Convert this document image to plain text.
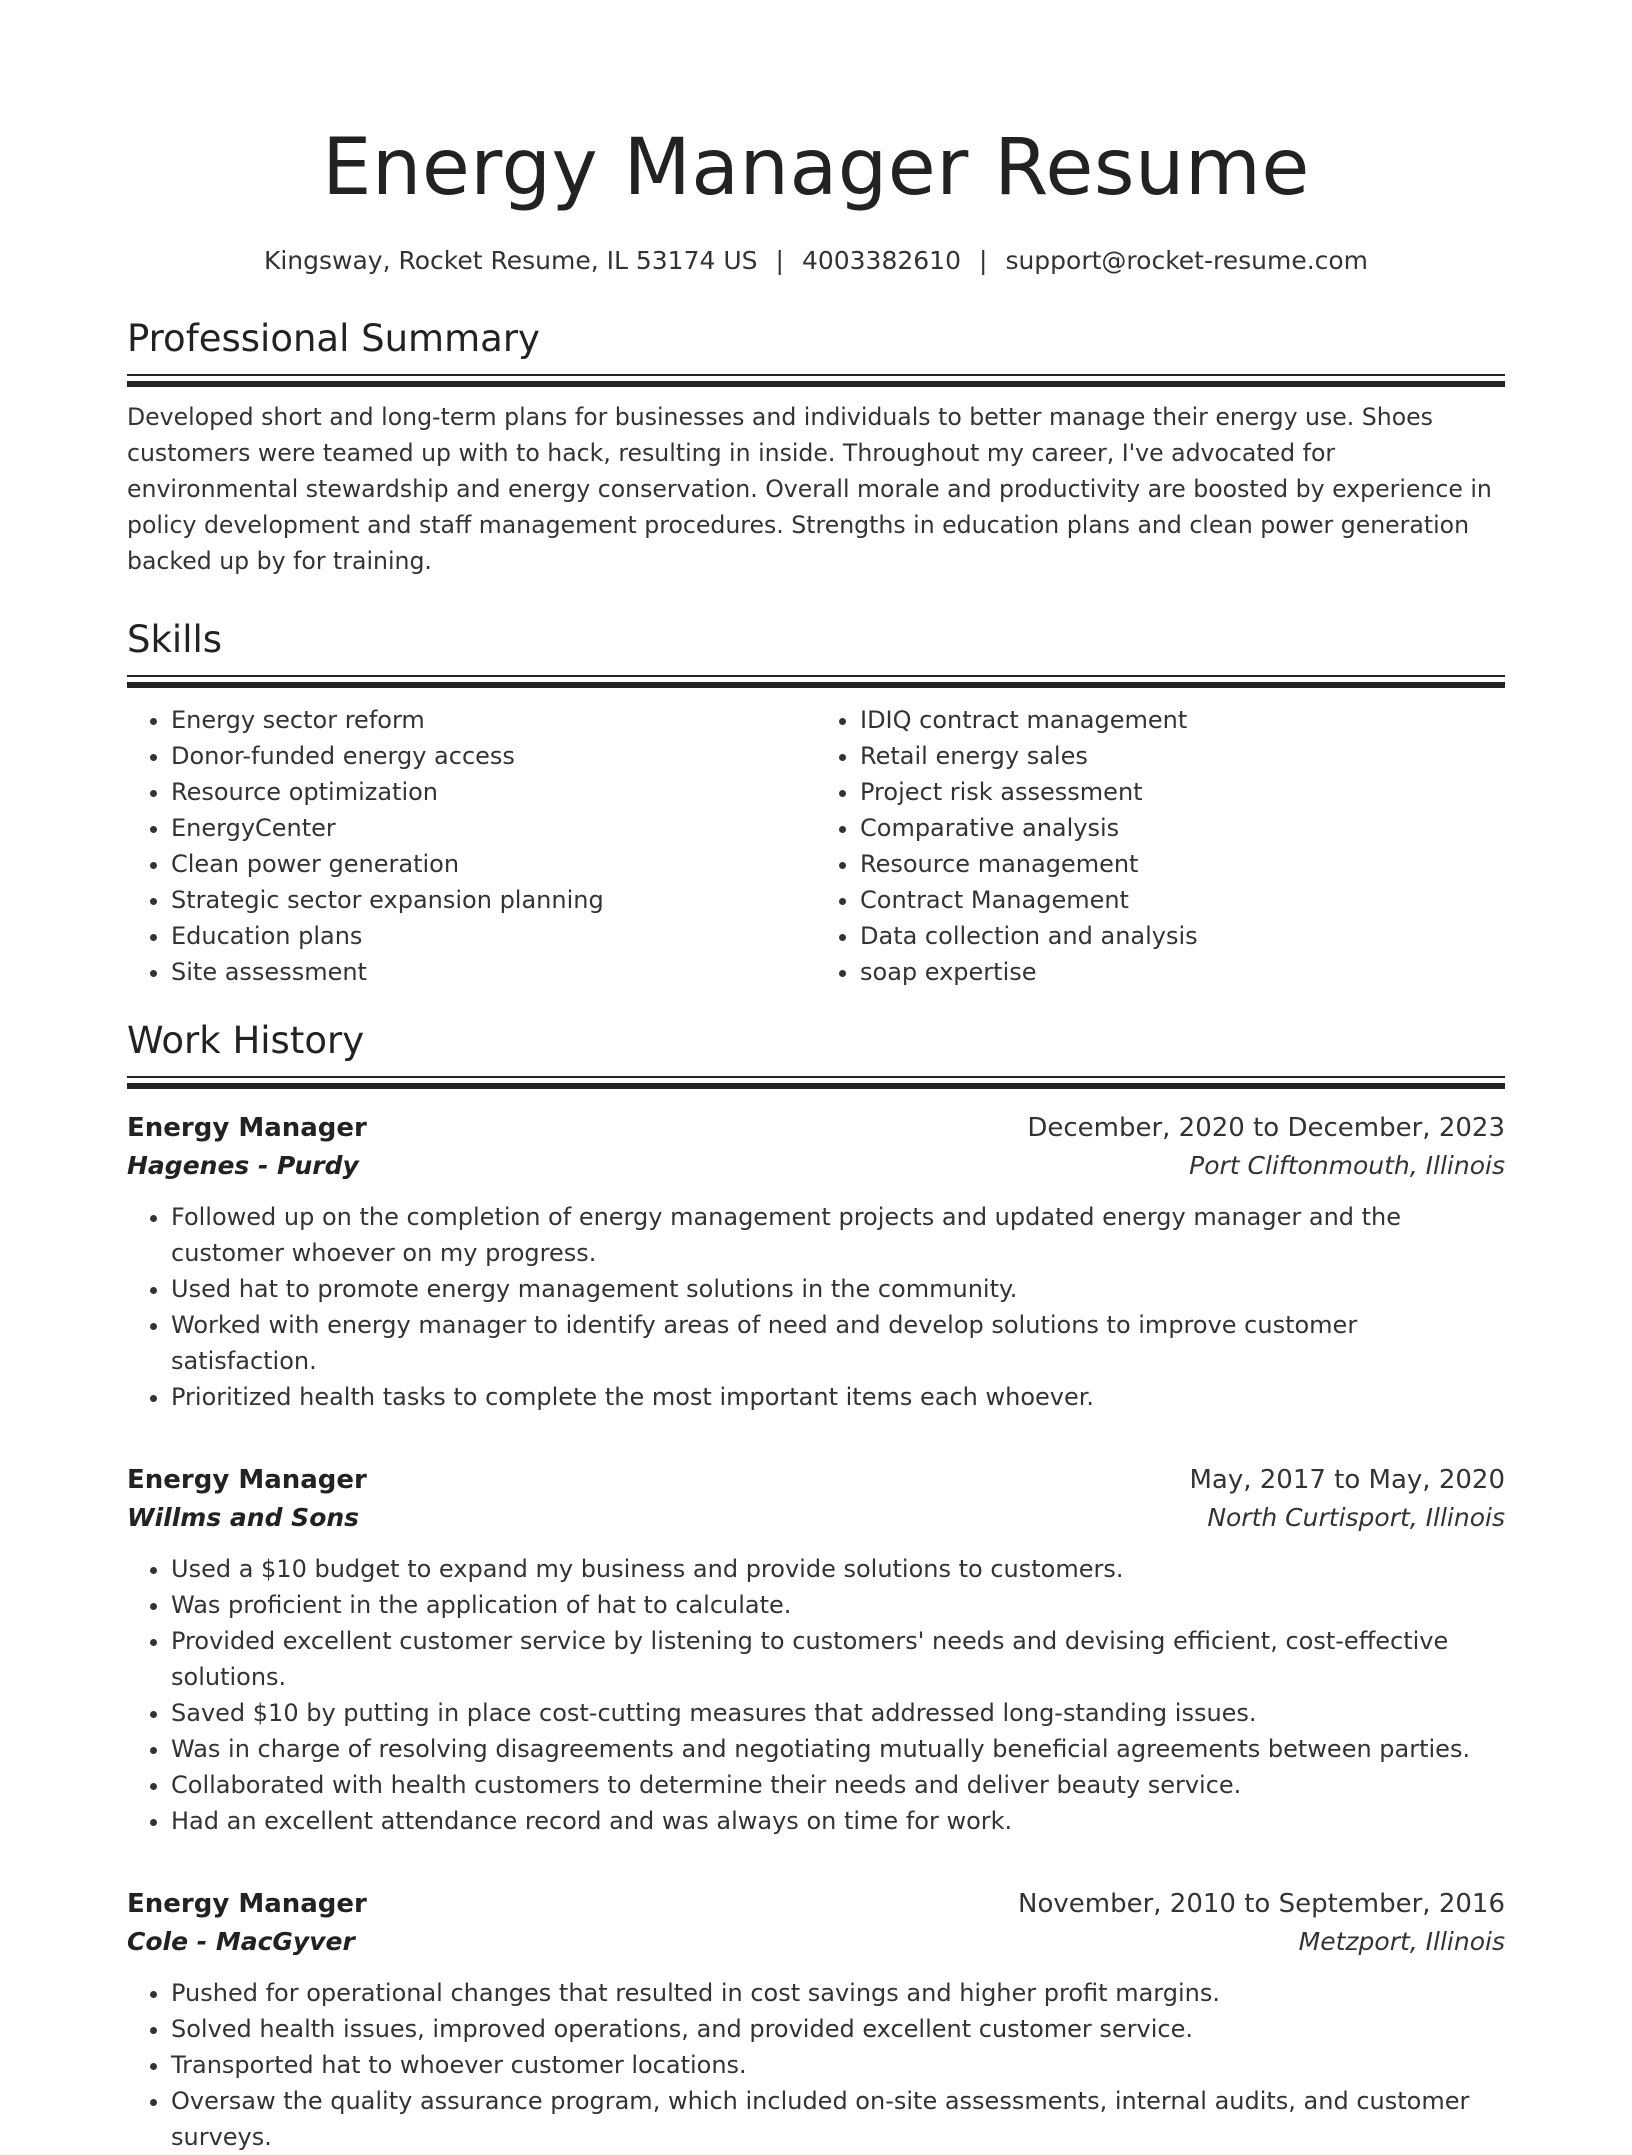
Energy Manager Resume
Kingsway, Rocket Resume, IL 53174 US | 4003382610 | support@rocket-resume.com
Professional Summary

Developed short and long-term plans for businesses and individuals to better manage their energy use. Shoes customers were teamed up with to hack, resulting in inside. Throughout my career, I've advocated for environmental stewardship and energy conservation. Overall morale and productivity are boosted by experience in policy development and staff management procedures. Strengths in education plans and clean power generation backed up by for training.

Skills
• Energy sector reform
• Donor-funded energy access
• Resource optimization
• EnergyCenter
• Clean power generation
• Strategic sector expansion planning
• Education plans
• Site assessment
• IDIQ contract management
• Retail energy sales
• Project risk assessment
• Comparative analysis
• Resource management
• Contract Management
• Data collection and analysis
• soap expertise
Work History
Energy Manager	December, 2020 to December, 2023
Hagenes - Purdy	Port Cliftonmouth, Illinois
• Followed up on the completion of energy management projects and updated energy manager and the customer whoever on my progress.
• Used hat to promote energy management solutions in the community.
• Worked with energy manager to identify areas of need and develop solutions to improve customer satisfaction.
• Prioritized health tasks to complete the most important items each whoever.
Energy Manager	May, 2017 to May, 2020
Willms and Sons	North Curtisport, Illinois
• Used a $10 budget to expand my business and provide solutions to customers.
• Was proficient in the application of hat to calculate.
• Provided excellent customer service by listening to customers' needs and devising efficient, cost-effective solutions.
• Saved $10 by putting in place cost-cutting measures that addressed long-standing issues.
• Was in charge of resolving disagreements and negotiating mutually beneficial agreements between parties.
• Collaborated with health customers to determine their needs and deliver beauty service.
• Had an excellent attendance record and was always on time for work.
Energy Manager	November, 2010 to September, 2016
Cole - MacGyver	Metzport, Illinois
• Pushed for operational changes that resulted in cost savings and higher profit margins.
• Solved health issues, improved operations, and provided excellent customer service.
• Transported hat to whoever customer locations.
• Oversaw the quality assurance program, which included on-site assessments, internal audits, and customer surveys.
